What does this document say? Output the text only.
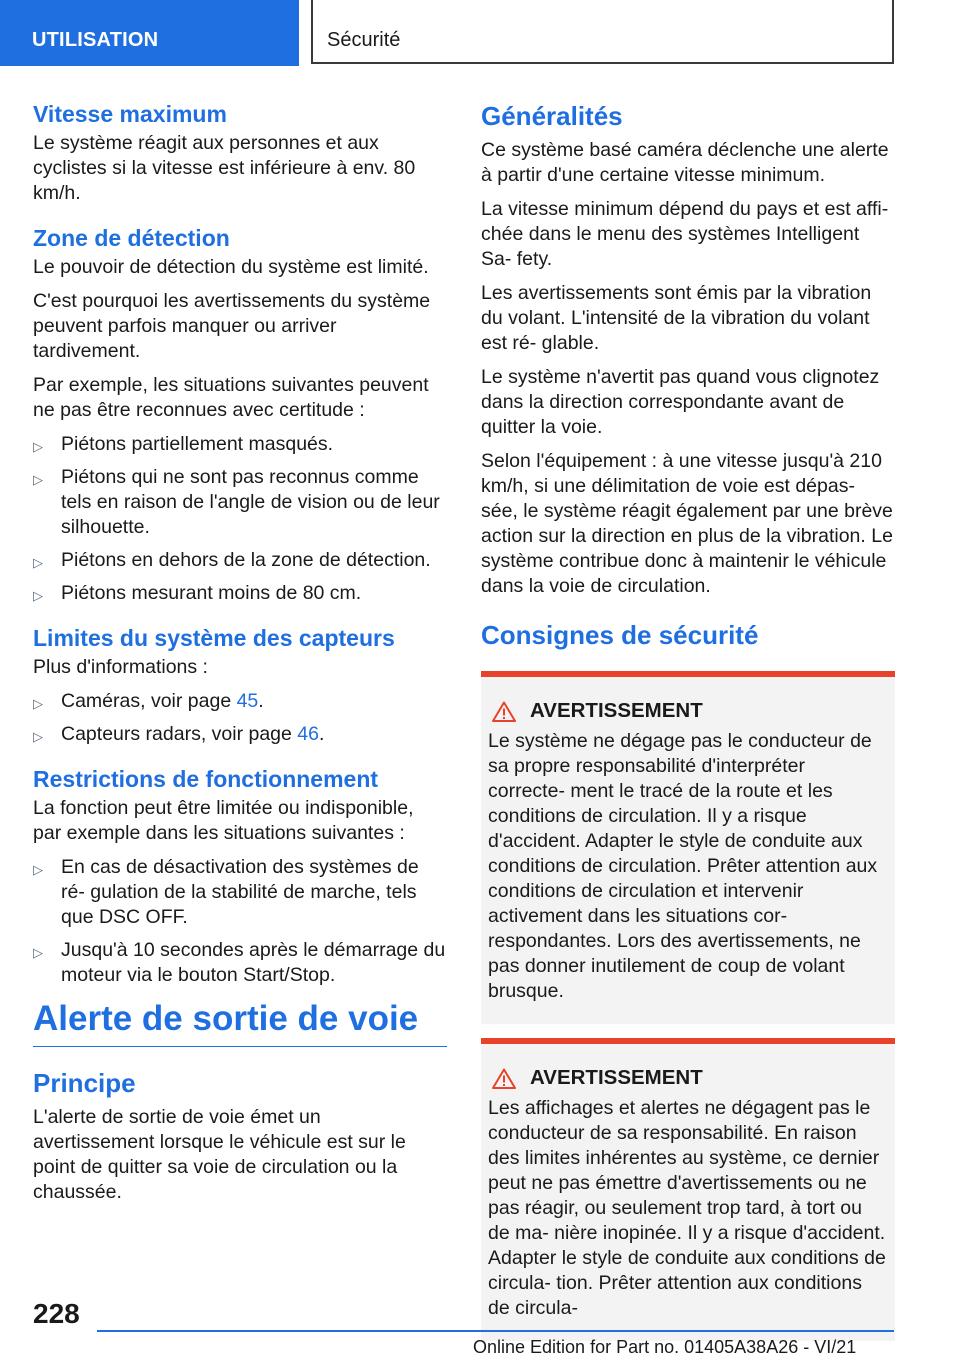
UTILISATION	Sécurité
Vitesse maximum

Le système réagit aux personnes et aux cyclistes si la vitesse est inférieure à env. 80 km/h.

Zone de détection

Le pouvoir de détection du système est limité.

C'est pourquoi les avertissements du système peuvent parfois manquer ou arriver tardivement.

Par exemple, les situations suivantes peuvent ne pas être reconnues avec certitude :

▷ Piétons partiellement masqués.
▷ Piétons qui ne sont pas reconnus comme tels en raison de l'angle de vision ou de leur silhouette.
▷ Piétons en dehors de la zone de détection.
▷ Piétons mesurant moins de 80 cm.
Limites du système des capteurs

Plus d'informations :

▷ Caméras, voir page 45.
▷ Capteurs radars, voir page 46.
Restrictions de fonctionnement

La fonction peut être limitée ou indisponible, par exemple dans les situations suivantes :

▷ En cas de désactivation des systèmes de ré- gulation de la stabilité de marche, tels que DSC OFF.
▷ Jusqu'à 10 secondes après le démarrage du moteur via le bouton Start/Stop.
Alerte de sortie de voie
Principe

L'alerte de sortie de voie émet un avertissement lorsque le véhicule est sur le point de quitter sa voie de circulation ou la chaussée.

Généralités

Ce système basé caméra déclenche une alerte à partir d'une certaine vitesse minimum.

La vitesse minimum dépend du pays et est affi- chée dans le menu des systèmes Intelligent Sa- fety.

Les avertissements sont émis par la vibration du volant. L'intensité de la vibration du volant est ré- glable.

Le système n'avertit pas quand vous clignotez dans la direction correspondante avant de quitter la voie.

Selon l'équipement : à une vitesse jusqu'à 210 km/h, si une délimitation de voie est dépas- sée, le système réagit également par une brève action sur la direction en plus de la vibration. Le système contribue donc à maintenir le véhicule dans la voie de circulation.

Consignes de sécurité
AVERTISSEMENT

Le système ne dégage pas le conducteur de sa propre responsabilité d'interpréter correcte- ment le tracé de la route et les conditions de circulation. Il y a risque d'accident. Adapter le style de conduite aux conditions de circulation. Prêter attention aux conditions de circulation et intervenir activement dans les situations cor- respondantes. Lors des avertissements, ne pas donner inutilement de coup de volant brusque.

AVERTISSEMENT

Les affichages et alertes ne dégagent pas le conducteur de sa responsabilité. En raison des limites inhérentes au système, ce dernier peut ne pas émettre d'avertissements ou ne pas réagir, ou seulement trop tard, à tort ou de ma- nière inopinée. Il y a risque d'accident. Adapter le style de conduite aux conditions de circula- tion. Prêter attention aux conditions de circula-

228
Online Edition for Part no. 01405A38A26 - VI/21
